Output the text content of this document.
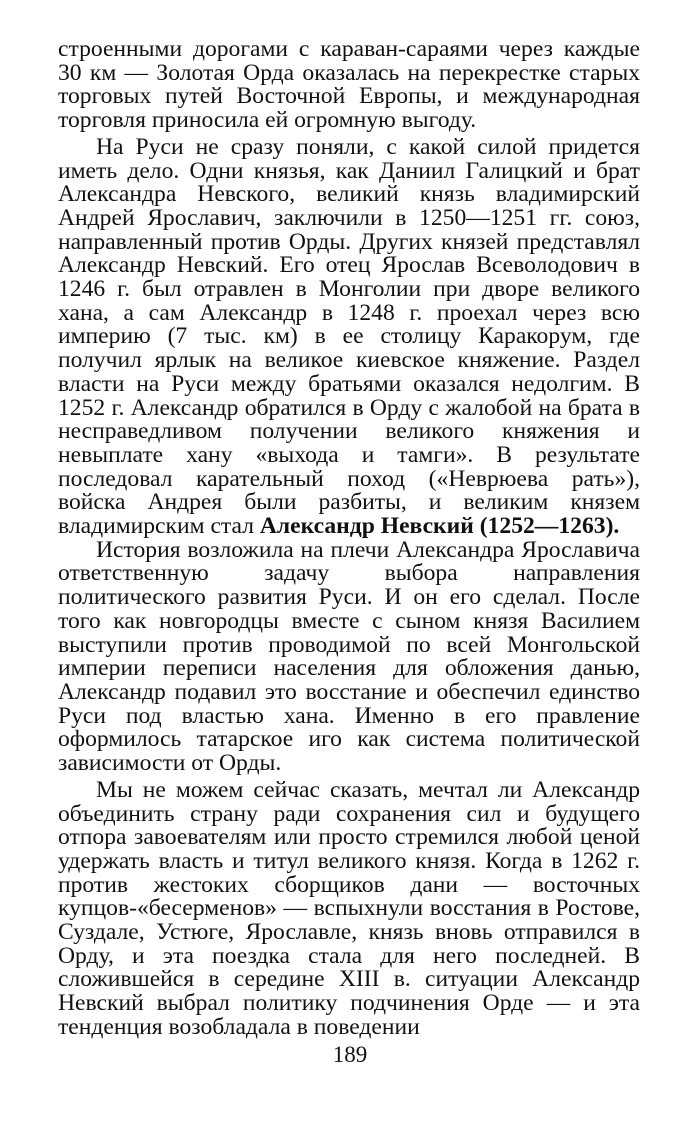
строенными дорогами с караван-сараями через каждые 30 км — Золотая Орда оказалась на перекрестке старых торговых путей Восточной Европы, и международная торговля приносила ей огромную выгоду.

На Руси не сразу поняли, с какой силой придется иметь дело. Одни князья, как Даниил Галицкий и брат Александра Невского, великий князь владимирский Андрей Ярославич, заключили в 1250—1251 гг. союз, направленный против Орды. Других князей представлял Александр Невский. Его отец Ярослав Всеволодович в 1246 г. был отравлен в Монголии при дворе великого хана, а сам Александр в 1248 г. проехал через всю империю (7 тыс. км) в ее столицу Каракорум, где получил ярлык на великое киевское княжение. Раздел власти на Руси между братьями оказался недолгим. В 1252 г. Александр обратился в Орду с жалобой на брата в несправедливом получении великого княжения и невыплате хану «выхода и тамги». В результате последовал карательный поход («Неврюева рать»), войска Андрея были разбиты, и великим князем владимирским стал Александр Невский (1252—1263).

История возложила на плечи Александра Ярославича ответственную задачу выбора направления политического развития Руси. И он его сделал. После того как новгородцы вместе с сыном князя Василием выступили против проводимой по всей Монгольской империи переписи населения для обложения данью, Александр подавил это восстание и обеспечил единство Руси под властью хана. Именно в его правление оформилось татарское иго как система политической зависимости от Орды.

Мы не можем сейчас сказать, мечтал ли Александр объединить страну ради сохранения сил и будущего отпора завоевателям или просто стремился любой ценой удержать власть и титул великого князя. Когда в 1262 г. против жестоких сборщиков дани — восточных купцов-«бесерменов» — вспыхнули восстания в Ростове, Суздале, Устюге, Ярославле, князь вновь отправился в Орду, и эта поездка стала для него последней. В сложившейся в середине XIII в. ситуации Александр Невский выбрал политику подчинения Орде — и эта тенденция возобладала в поведении

189
